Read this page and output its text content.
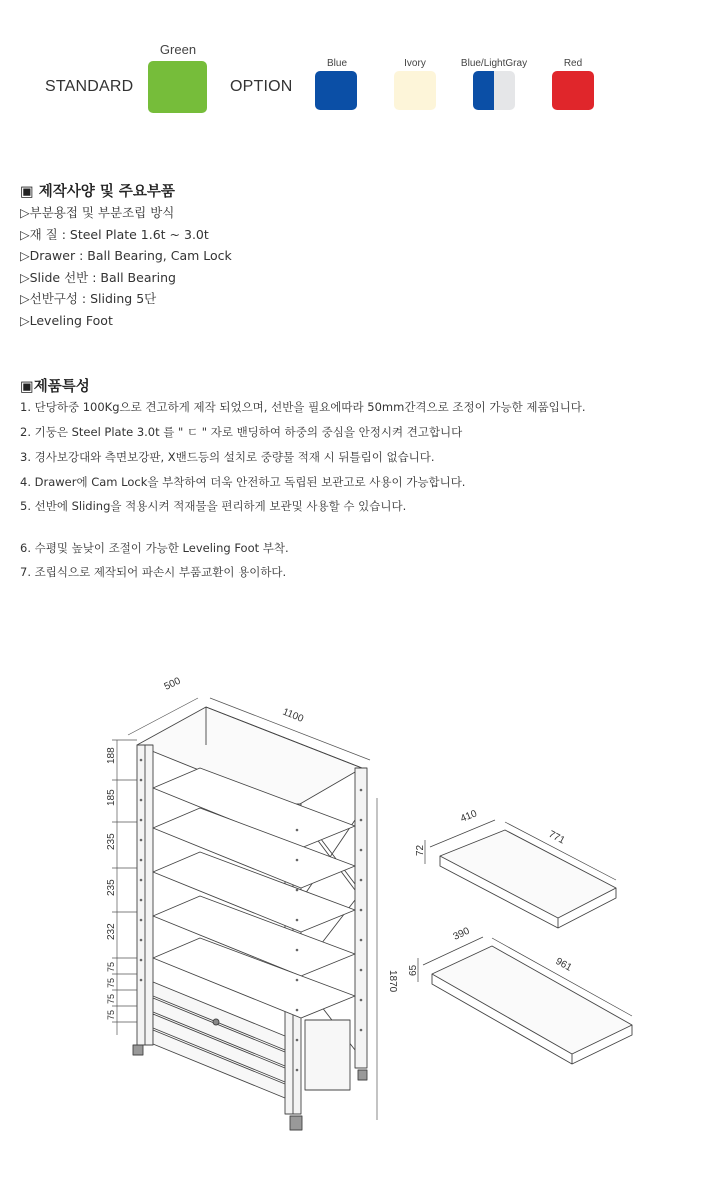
STANDARD
Green
OPTION
Blue	Ivory	Blue/LightGray	Red
▣ 제작사양 및 주요부품
▷부분용접 및 부분조립 방식
▷재 질 : Steel Plate 1.6t ~ 3.0t
▷Drawer : Ball Bearing, Cam Lock
▷Slide 선반 : Ball Bearing
▷선반구성 : Sliding 5단
▷Leveling Foot
▣제품특성
1. 단당하중 100Kg으로 견고하게 제작 되었으며, 선반을 필요에따라 50mm간격으로 조정이 가능한 제품입니다.
2. 기둥은 Steel Plate 3.0t 를 " ㄷ " 자로 밴딩하여 하중의 중심을 안정시켜 견고합니다
3. 경사보강대와 측면보강판, X밴드등의 설치로 중량물 적재 시 뒤틀림이 없습니다.
4. Drawer에 Cam Lock을 부착하여 더욱 안전하고 독립된 보관고로 사용이 가능합니다.
5. 선반에 Sliding을 적용시켜 적재물을 편리하게 보관및 사용할 수 있습니다.
6. 수평및 높낮이 조절이 가능한 Leveling Foot 부착.
7. 조립식으로 제작되어 파손시 부품교환이 용이하다.
500
1100
1870
188
185
235
235
232
75
75
75
75
410
771
72
390
961
65
